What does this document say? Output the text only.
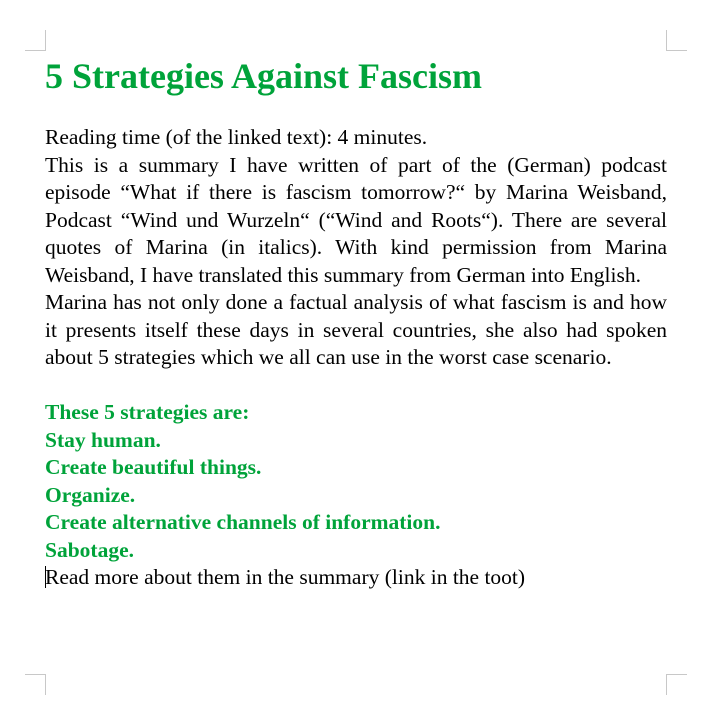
5 Strategies Against Fascism

Reading time (of the linked text): 4 minutes.

This is a summary I have written of part of the (German) podcast episode “What if there is fascism tomorrow?“ by Marina Weisband, Podcast “Wind und Wurzeln“ (“Wind and Roots“). There are several quotes of Marina (in italics). With kind permission from Marina Weisband, I have translated this summary from German into English.

Marina has not only done a factual analysis of what fascism is and how it presents itself these days in several countries, she also had spoken about 5 strategies which we all can use in the worst case scenario.

These 5 strategies are:

Stay human.

Create beautiful things.

Organize.

Create alternative channels of information.

Sabotage.

Read more about them in the summary (link in the toot)
